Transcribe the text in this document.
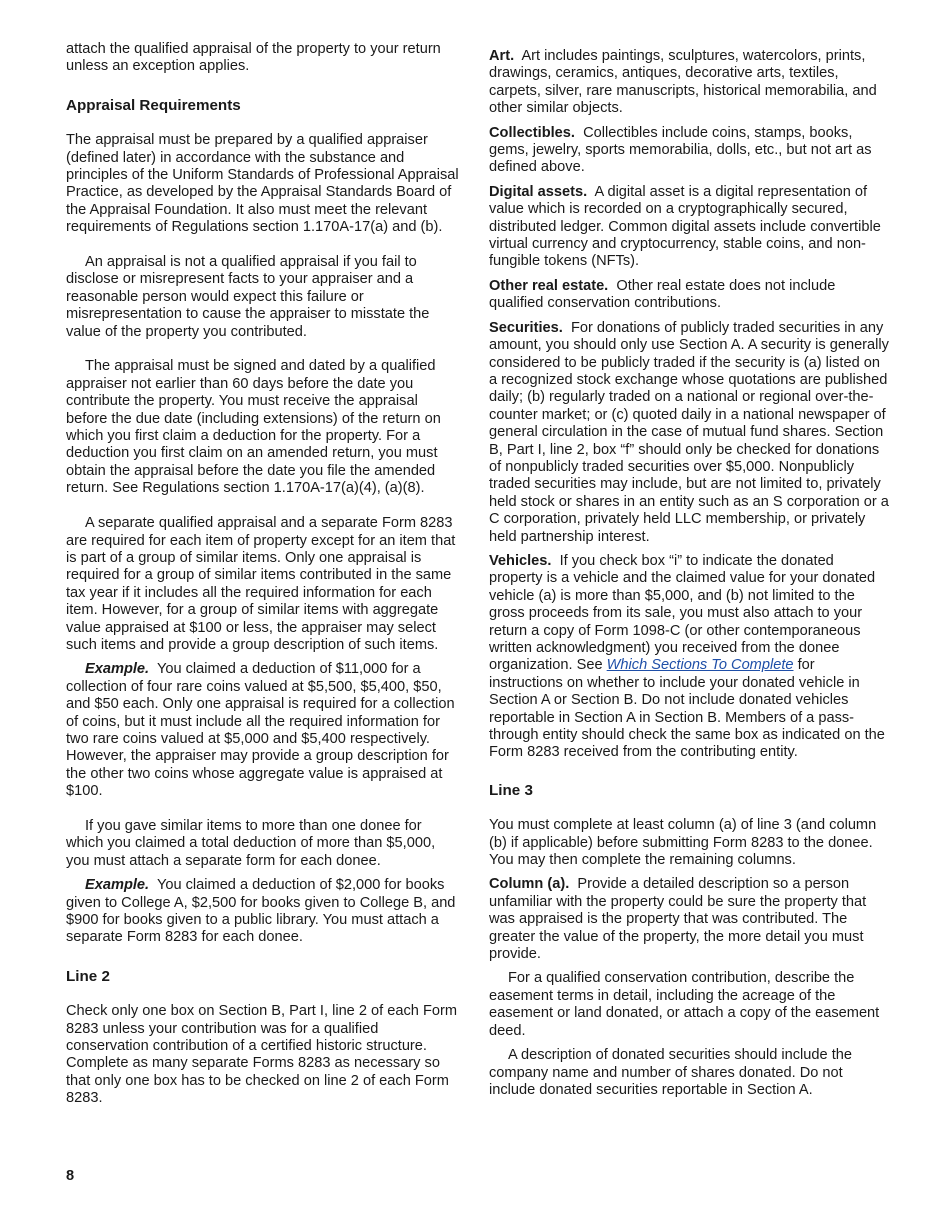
attach the qualified appraisal of the property to your return unless an exception applies.

Appraisal Requirements

The appraisal must be prepared by a qualified appraiser (defined later) in accordance with the substance and principles of the Uniform Standards of Professional Appraisal Practice, as developed by the Appraisal Standards Board of the Appraisal Foundation. It also must meet the relevant requirements of Regulations section 1.170A-17(a) and (b).

An appraisal is not a qualified appraisal if you fail to disclose or misrepresent facts to your appraiser and a reasonable person would expect this failure or misrepresentation to cause the appraiser to misstate the value of the property you contributed.

The appraisal must be signed and dated by a qualified appraiser not earlier than 60 days before the date you contribute the property. You must receive the appraisal before the due date (including extensions) of the return on which you first claim a deduction for the property. For a deduction you first claim on an amended return, you must obtain the appraisal before the date you file the amended return. See Regulations section 1.170A-17(a)(4), (a)(8).

A separate qualified appraisal and a separate Form 8283 are required for each item of property except for an item that is part of a group of similar items. Only one appraisal is required for a group of similar items contributed in the same tax year if it includes all the required information for each item. However, for a group of similar items with aggregate value appraised at $100 or less, the appraiser may select such items and provide a group description of such items.

Example. You claimed a deduction of $11,000 for a collection of four rare coins valued at $5,500, $5,400, $50, and $50 each. Only one appraisal is required for a collection of coins, but it must include all the required information for two rare coins valued at $5,000 and $5,400 respectively. However, the appraiser may provide a group description for the other two coins whose aggregate value is appraised at $100.

If you gave similar items to more than one donee for which you claimed a total deduction of more than $5,000, you must attach a separate form for each donee.

Example. You claimed a deduction of $2,000 for books given to College A, $2,500 for books given to College B, and $900 for books given to a public library. You must attach a separate Form 8283 for each donee.

Line 2

Check only one box on Section B, Part I, line 2 of each Form 8283 unless your contribution was for a qualified conservation contribution of a certified historic structure. Complete as many separate Forms 8283 as necessary so that only one box has to be checked on line 2 of each Form 8283.

Art. Art includes paintings, sculptures, watercolors, prints, drawings, ceramics, antiques, decorative arts, textiles, carpets, silver, rare manuscripts, historical memorabilia, and other similar objects.

Collectibles. Collectibles include coins, stamps, books, gems, jewelry, sports memorabilia, dolls, etc., but not art as defined above.

Digital assets. A digital asset is a digital representation of value which is recorded on a cryptographically secured, distributed ledger. Common digital assets include convertible virtual currency and cryptocurrency, stable coins, and non-fungible tokens (NFTs).

Other real estate. Other real estate does not include qualified conservation contributions.

Securities. For donations of publicly traded securities in any amount, you should only use Section A. A security is generally considered to be publicly traded if the security is (a) listed on a recognized stock exchange whose quotations are published daily; (b) regularly traded on a national or regional over-the-counter market; or (c) quoted daily in a national newspaper of general circulation in the case of mutual fund shares. Section B, Part I, line 2, box “f” should only be checked for donations of nonpublicly traded securities over $5,000. Nonpublicly traded securities may include, but are not limited to, privately held stock or shares in an entity such as an S corporation or a C corporation, privately held LLC membership, or privately held partnership interest.

Vehicles. If you check box “i” to indicate the donated property is a vehicle and the claimed value for your donated vehicle (a) is more than $5,000, and (b) not limited to the gross proceeds from its sale, you must also attach to your return a copy of Form 1098-C (or other contemporaneous written acknowledgment) you received from the donee organization. See Which Sections To Complete for instructions on whether to include your donated vehicle in Section A or Section B. Do not include donated vehicles reportable in Section A in Section B. Members of a pass-through entity should check the same box as indicated on the Form 8283 received from the contributing entity.

Line 3

You must complete at least column (a) of line 3 (and column (b) if applicable) before submitting Form 8283 to the donee. You may then complete the remaining columns.

Column (a). Provide a detailed description so a person unfamiliar with the property could be sure the property that was appraised is the property that was contributed. The greater the value of the property, the more detail you must provide.

For a qualified conservation contribution, describe the easement terms in detail, including the acreage of the easement or land donated, or attach a copy of the easement deed.

A description of donated securities should include the company name and number of shares donated. Do not include donated securities reportable in Section A.

8
